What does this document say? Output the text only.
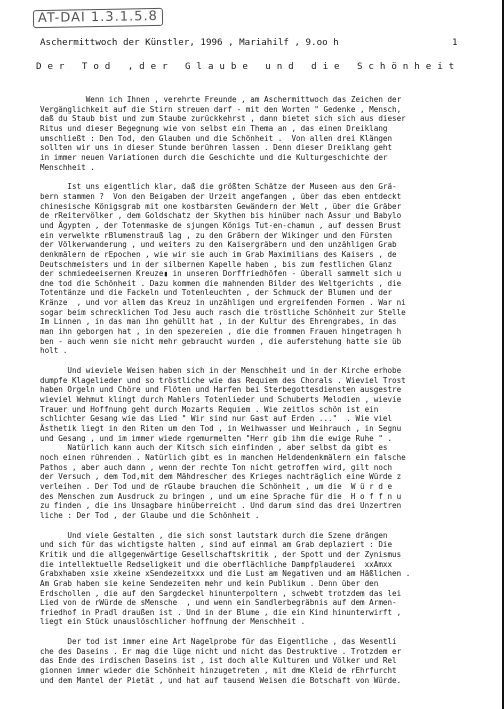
AT-DAI 1.3.1.5.8
Aschermittwoch der Künstler, 1996 , Mariahilf , 9.oo h	1
D e r   T o d   , d e r   G l a u b e   u n d   d i e   S c h ö n h e i t
Wenn ich Ihnen , verehrte Freunde , am Aschermittwoch das Zeichen der
Vergänglichkeit auf die Stirn streuen darf - mit den Worten " Gedenke , Mensch,
daß du Staub bist und zum Staube zurückkehrst , dann bietet sich sich aus dieser
Ritus und dieser Begegnung wie von selbst ein Thema an , das einen Dreiklang
umschließt : Den Tod, den Glauben und die Schönheit .  Von allen drei Klängen
sollten wir uns in dieser Stunde berühren lassen . Denn dieser Dreiklang geht
in immer neuen Variationen durch die Geschichte und die Kulturgeschichte der
Menschheit .
Ist uns eigentlich klar, daß die größten Schätze der Museen aus den Grä-
bern stammen ?  Von den Beigaben der Urzeit angefangen , über das eben entdeckt
chinesische Königsgrab mit one kostbarsten Gewändern der Welt , über die Gräber
de rReitervölker , dem Goldschatz der Skythen bis hinüber nach Assur und Babylo
und Ägypten , der Totenmaske de sjungen Königs Tut-en-chamun , auf dessen Brust
ein verwelkte rBlumenstrauß lag , zu den Gräbern der Wikinger und den Fürsten
der Völkerwanderung , und weiters zu den Kaisergräbern und den unzähligen Grab
denkmälern de rEpochen , wie wir sie auch im Grab Maximilians des Kaisers , de
Deutschmeisters und in der silbernen Kapelle haben , bis zum festlichen Glanz
der schmiedeeisernen Kreuze▮ in unseren Dorffriedhöfen - überall sammelt sich u
dne tod die Schönheit . Dazu kommen die mahnenden Bilder des Weltgerichts , die
Totentänze und die Fackeln und Totenleuchten , der Schmuck der Blumen und der
Kränze  , und vor allem das Kreuz in unzähligen und ergreifenden Formen . War ni
sogar beim schrecklichen Tod Jesu auch rasch die tröstliche Schönheit zur Stelle
Im Linnen , in das man ihn gehüllt hat , in der Kultur des Ehrengrabes, in das
man ihn geborgen hat , in den spezereien , die die frommen Frauen hingetragen h
ben - auch wenn sie nicht mehr gebraucht wurden , die auferstehung hatte sie üb
holt .
Und wieviele Weisen haben sich in der Menschheit und in der Kirche erhobe
dumpfe Klagelieder und so tröstliche wie das Requiem des Chorals . Wieviel Trost
haben Orgeln und Chöre und Flöten und Harfen bei Sterbegottesdiensten ausgestre
wieviel Wehmut klingt durch Mahlers Totenlieder und Schuberts Melodien , wievie
Trauer und Hoffnung geht durch Mozarts Requiem . Wie zeitlos schön ist ein
schlichter Gesang wie das Lied " Wir sind nur Gast auf Erden ..."  . Wie viel
Ästhetik liegt in den Riten um den Tod , in Weihwasser und Weihrauch , in Segnu
und Gesang , und im immer wiede rgemurmelten "Herr gib ihm die ewige Ruhe " .
Natürlich kann auch der Kitsch sich einfinden , aber selbst da gibt es
noch einen rührenden . Natürlich gibt es in manchen Heldendenkmälern ein falsche
Pathos , aber auch dann , wenn der rechte Ton nicht getroffen wird, gilt noch
der Versuch , dem Tod,mit dem Mähdrescher des Krieges nachträglich eine Würde z
verleihen . Der Tod und de rGlaube brauchen die Schönheit , um die  W ü r d e
des Menschen zum Ausdruck zu bringen , und um eine Sprache für die  H o f f n u
zu finden , die ins Unsagbare hinüberreicht . Und darum sind das drei Unzertren
liche : Der Tod , der Glaube und die Schönheit .
Und viele Gestalten , die sich sonst lautstark durch die Szene drängen
und sich für das wichtigste halten , sind auf einmal am Grab deplaziert : Die
Kritik und die allgegenwärtige Gesellschaftskritik , der Spott und der Zynismus
die intellektuelle Redseligkeit und die oberflächliche Dampfplauderei  xxAmxx
Grabxhaben xsie xkeine xSendezeitxxx und die Lust am Negativen und am Häßlichen .
Am Grab haben sie keine Sendezeiten mehr und kein Publikum . Denn über den
Erdschollen , die auf den Sargdeckel hinunterpoltern , schwebt trotzdem das lei
Lied von de rWürde de sMensche  , und wenn ein Sandlerbegräbnis auf dem Armen-
friedhof in Pradl draußen ist . Und in der Blume , die ein Kind hinunterwirft ,
liegt ein Stück unauslöschlicher hoffnung der Menschheit .
Der tod ist immer eine Art Nagelprobe für das Eigentliche , das Wesentli
che des Daseins . Er mag die lüge nicht und nicht das Destruktive . Trotzdem er
das Ende des irdischen Daseins ist , ist doch alle Kulturen und Völker und Rel
gionnen immer wieder die Schönheit hinzugetreten , mit dme Kleid de rEhrfurcht
und dem Mantel der Pietät , und hat auf tausend Weisen die Botschaft von Würde.
